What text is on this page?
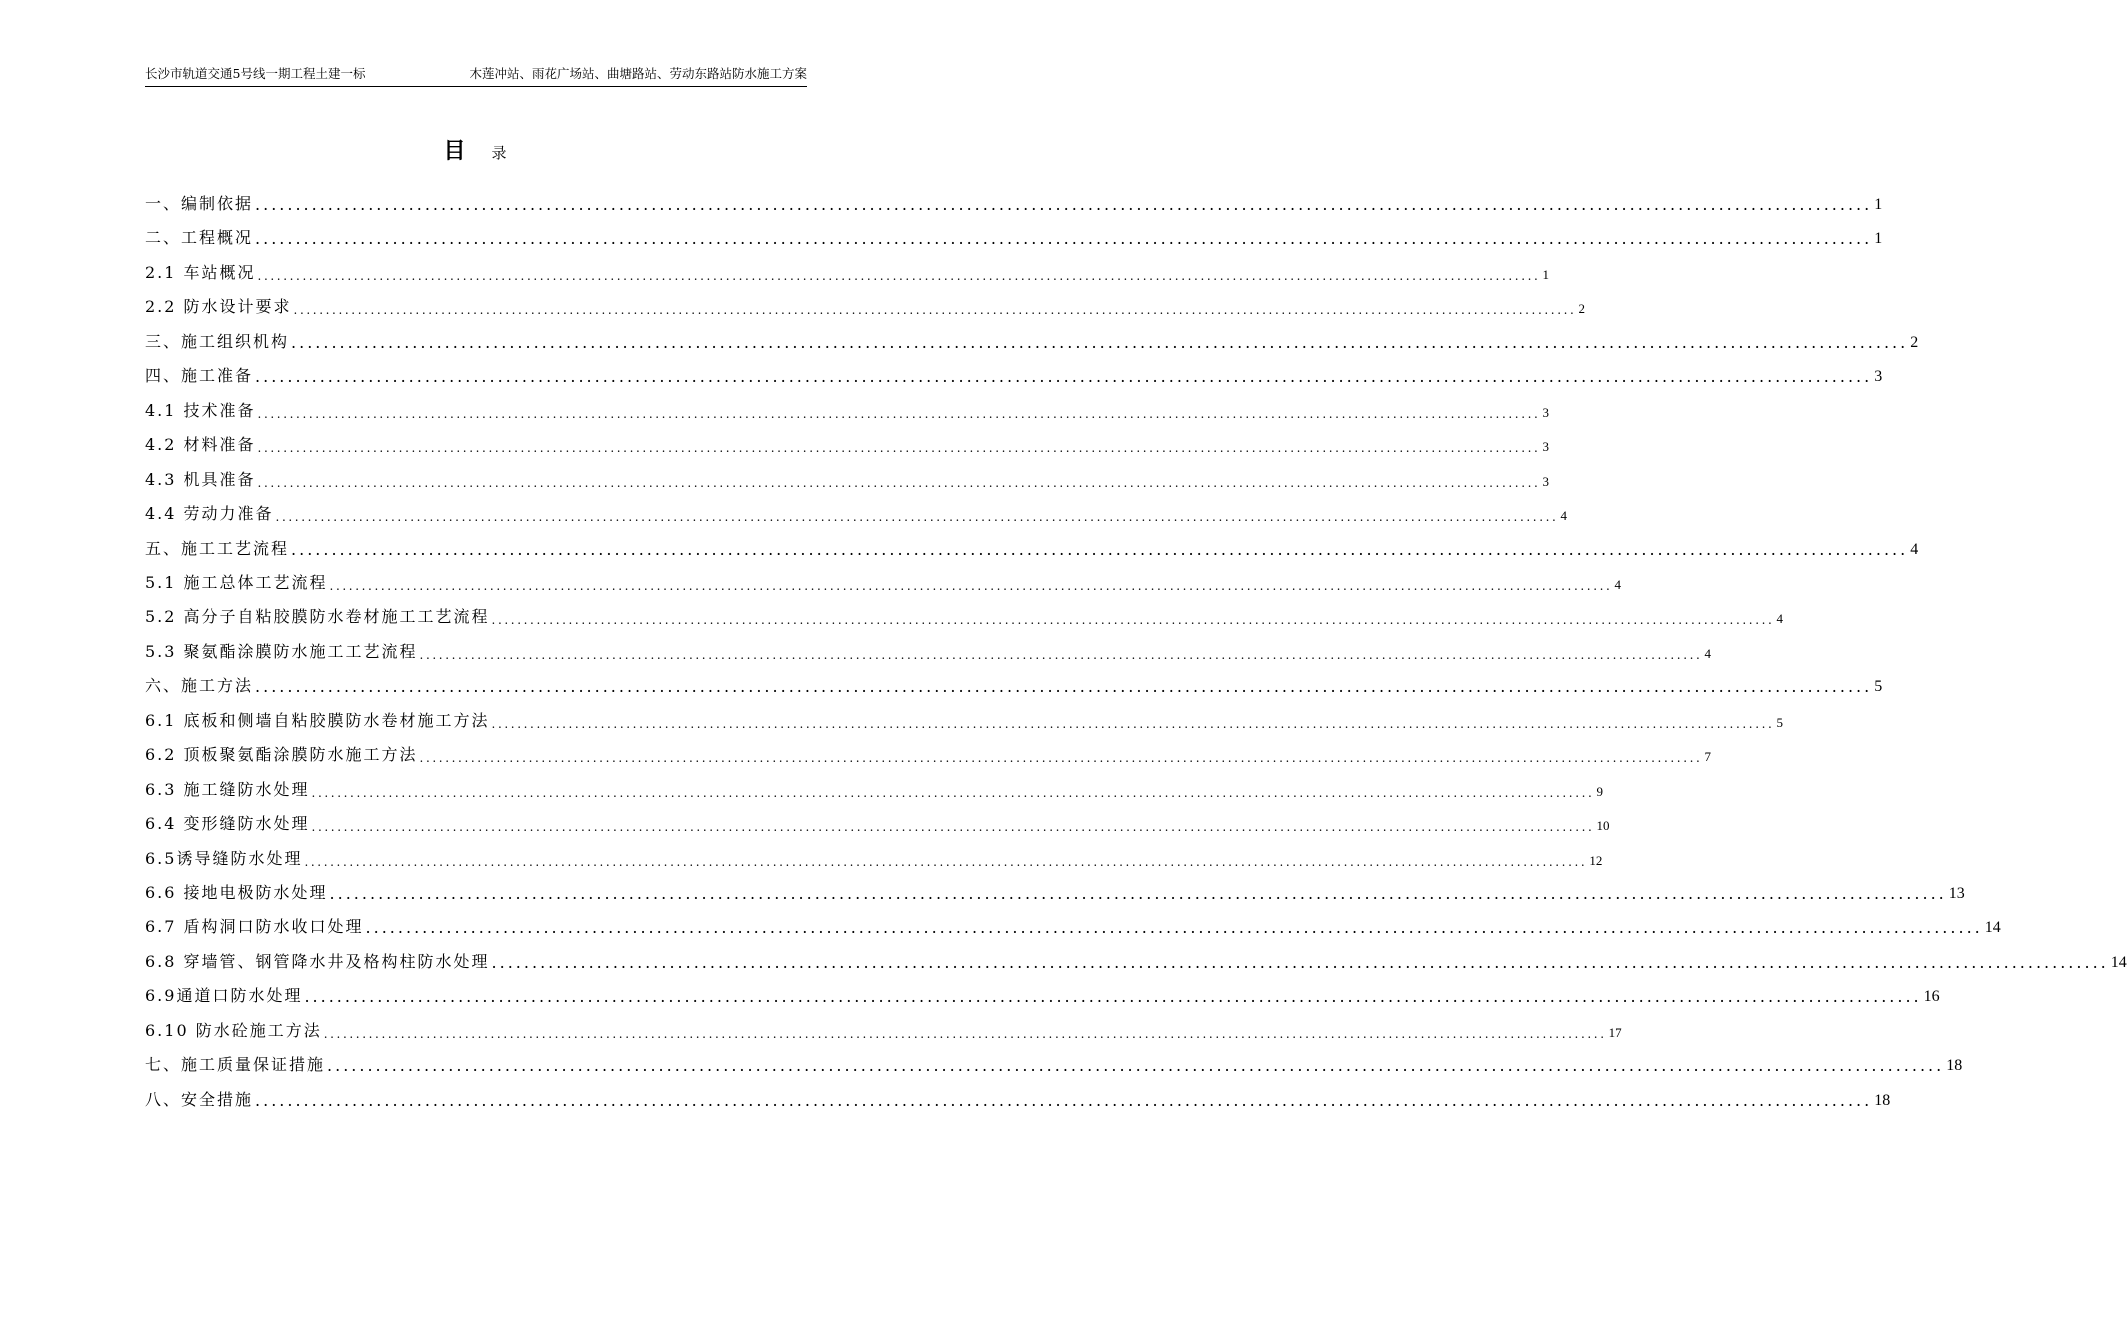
长沙市轨道交通5号线一期工程土建一标	木莲冲站、雨花广场站、曲塘路站、劳动东路站防水施工方案
目 录
一、编制依据 ........................................................................................................................................................................................................ 1
二、工程概况 ........................................................................................................................................................................................................ 1
2.1 车站概况 ........................................................................................................................................................................................................ 1
2.2 防水设计要求 ........................................................................................................................................................................................................ 2
三、施工组织机构 ........................................................................................................................................................................................................ 2
四、施工准备 ........................................................................................................................................................................................................ 3
4.1 技术准备 ........................................................................................................................................................................................................ 3
4.2 材料准备 ........................................................................................................................................................................................................ 3
4.3 机具准备 ........................................................................................................................................................................................................ 3
4.4 劳动力准备 ........................................................................................................................................................................................................ 4
五、施工工艺流程 ........................................................................................................................................................................................................ 4
5.1 施工总体工艺流程 ........................................................................................................................................................................................................ 4
5.2 高分子自粘胶膜防水卷材施工工艺流程 ........................................................................................................................................................................................................ 4
5.3 聚氨酯涂膜防水施工工艺流程 ........................................................................................................................................................................................................ 4
六、施工方法 ........................................................................................................................................................................................................ 5
6.1 底板和侧墙自粘胶膜防水卷材施工方法 ........................................................................................................................................................................................................ 5
6.2 顶板聚氨酯涂膜防水施工方法 ........................................................................................................................................................................................................ 7
6.3 施工缝防水处理 ........................................................................................................................................................................................................ 9
6.4 变形缝防水处理 ........................................................................................................................................................................................................ 10
6.5诱导缝防水处理 ........................................................................................................................................................................................................ 12
6.6 接地电极防水处理 ........................................................................................................................................................................................................ 13
6.7 盾构洞口防水收口处理 ........................................................................................................................................................................................................ 14
6.8 穿墙管、钢管降水井及格构柱防水处理 ........................................................................................................................................................................................................ 14
6.9通道口防水处理 ........................................................................................................................................................................................................ 16
6.10 防水砼施工方法 ........................................................................................................................................................................................................ 17
七、施工质量保证措施 ........................................................................................................................................................................................................ 18
八、安全措施 ........................................................................................................................................................................................................ 18
